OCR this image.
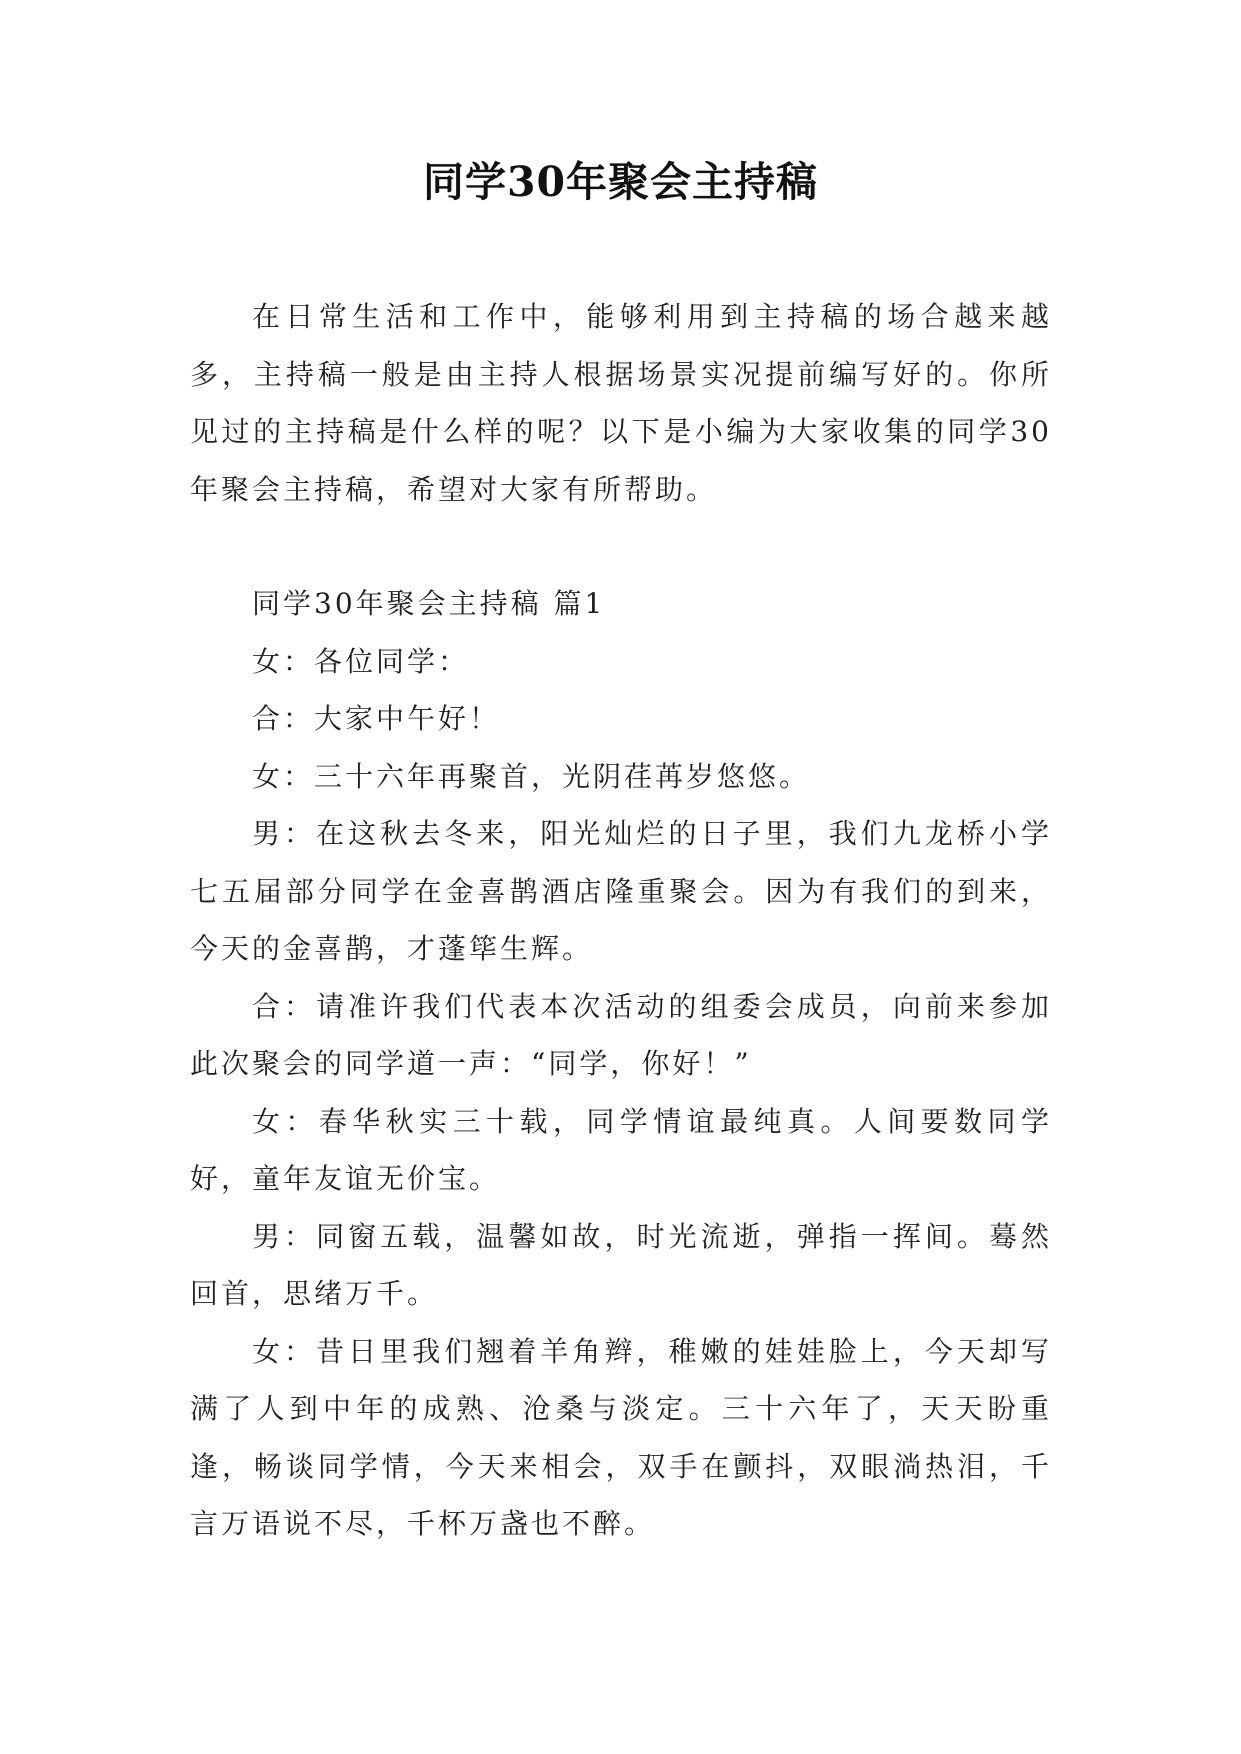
同学30年聚会主持稿

在日常生活和工作中，能够利用到主持稿的场合越来越多，主持稿一般是由主持人根据场景实况提前编写好的。你所见过的主持稿是什么样的呢？以下是小编为大家收集的同学30年聚会主持稿，希望对大家有所帮助。

同学30年聚会主持稿 篇1

女：各位同学：

合：大家中午好！

女：三十六年再聚首，光阴荏苒岁悠悠。

男：在这秋去冬来，阳光灿烂的日子里，我们九龙桥小学七五届部分同学在金喜鹊酒店隆重聚会。因为有我们的到来，今天的金喜鹊，才蓬筚生辉。

合：请准许我们代表本次活动的组委会成员，向前来参加此次聚会的同学道一声：“同学，你好！”

女：春华秋实三十载，同学情谊最纯真。人间要数同学好，童年友谊无价宝。

男：同窗五载，温馨如故，时光流逝，弹指一挥间。蓦然回首，思绪万千。

女：昔日里我们翘着羊角辫，稚嫩的娃娃脸上，今天却写满了人到中年的成熟、沧桑与淡定。三十六年了，天天盼重逢，畅谈同学情，今天来相会，双手在颤抖，双眼淌热泪，千言万语说不尽，千杯万盏也不醉。
